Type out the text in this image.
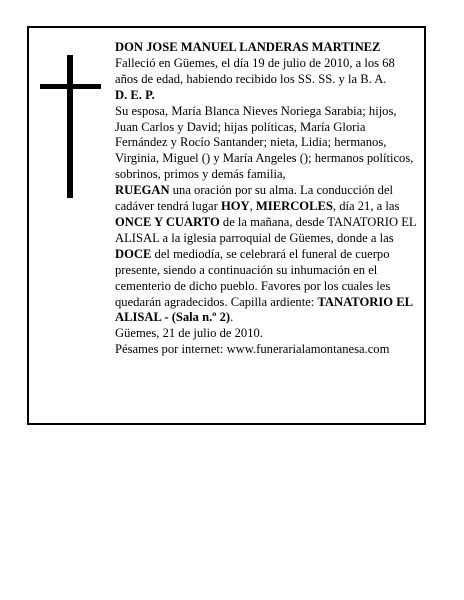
DON JOSE MANUEL LANDERAS MARTINEZ

Falleció en Güemes, el día 19 de julio de 2010, a los 68 años de edad, habiendo recibido los SS. SS. y la B. A.

D. E. P.

Su esposa, María Blanca Nieves Noriega Sarabia; hijos, Juan Carlos y David; hijas políticas, María Gloria Fernández y Rocío Santander; nieta, Lidia; hermanos, Virginia, Miguel () y María Angeles (); hermanos políticos, sobrinos, primos y demás familia,

RUEGAN una oración por su alma. La conducción del cadáver tendrá lugar HOY, MIERCOLES, día 21, a las ONCE Y CUARTO de la mañana, desde TANATORIO EL ALISAL a la iglesia parroquial de Güemes, donde a las DOCE del mediodía, se celebrará el funeral de cuerpo presente, siendo a continuación su inhumación en el cementerio de dicho pueblo. Favores por los cuales les quedarán agradecidos. Capilla ardiente: TANATORIO EL ALISAL - (Sala n.º 2).

Güemes, 21 de julio de 2010.

Pésames por internet: www.funerarialamontanesa.com
